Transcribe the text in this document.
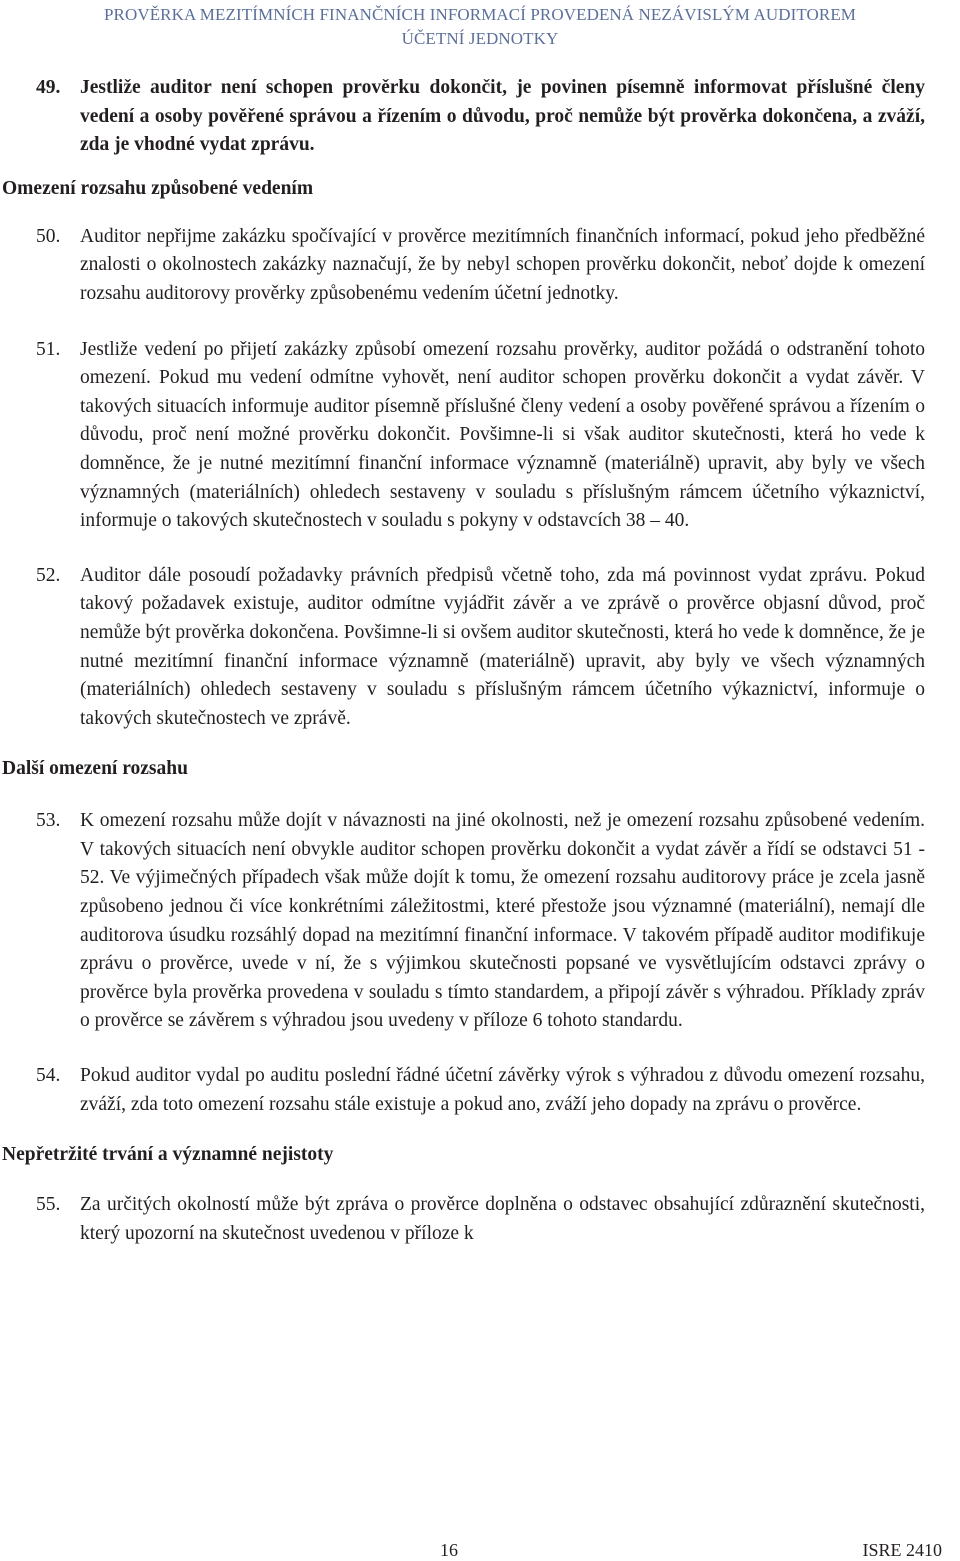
PROVĚRKA MEZITÍMNÍCH FINANČNÍCH INFORMACÍ PROVEDENÁ NEZÁVISLÝM AUDITOREM
ÚČETNÍ JEDNOTKY
49.	Jestliže auditor není schopen prověrku dokončit, je povinen písemně informovat příslušné členy vedení a osoby pověřené správou a řízením o důvodu, proč nemůže být prověrka dokončena, a zváží, zda je vhodné vydat zprávu.
Omezení rozsahu způsobené vedením
50.	Auditor nepřijme zakázku spočívající v prověrce mezitímních finančních informací, pokud jeho předběžné znalosti o okolnostech zakázky naznačují, že by nebyl schopen prověrku dokončit, neboť dojde k omezení rozsahu auditorovy prověrky způsobenému vedením účetní jednotky.
51.	Jestliže vedení po přijetí zakázky způsobí omezení rozsahu prověrky, auditor požádá o odstranění tohoto omezení. Pokud mu vedení odmítne vyhovět, není auditor schopen prověrku dokončit a vydat závěr. V takových situacích informuje auditor písemně příslušné členy vedení a osoby pověřené správou a řízením o důvodu, proč není možné prověrku dokončit. Povšimne-li si však auditor skutečnosti, která ho vede k domněnce, že je nutné mezitímní finanční informace významně (materiálně) upravit, aby byly ve všech významných (materiálních) ohledech sestaveny v souladu s příslušným rámcem účetního výkaznictví, informuje o takových skutečnostech v souladu s pokyny v odstavcích 38 – 40.
52.	Auditor dále posoudí požadavky právních předpisů včetně toho, zda má povinnost vydat zprávu. Pokud takový požadavek existuje, auditor odmítne vyjádřit závěr a ve zprávě o prověrce objasní důvod, proč nemůže být prověrka dokončena. Povšimne-li si ovšem auditor skutečnosti, která ho vede k domněnce, že je nutné mezitímní finanční informace významně (materiálně) upravit, aby byly ve všech významných (materiálních) ohledech sestaveny v souladu s příslušným rámcem účetního výkaznictví, informuje o takových skutečnostech ve zprávě.
Další omezení rozsahu
53.	K omezení rozsahu může dojít v návaznosti na jiné okolnosti, než je omezení rozsahu způsobené vedením. V takových situacích není obvykle auditor schopen prověrku dokončit a vydat závěr a řídí se odstavci 51 - 52. Ve výjimečných případech však může dojít k tomu, že omezení rozsahu auditorovy práce je zcela jasně způsobeno jednou či více konkrétními záležitostmi, které přestože jsou významné (materiální), nemají dle auditorova úsudku rozsáhlý dopad na mezitímní finanční informace. V takovém případě auditor modifikuje zprávu o prověrce, uvede v ní, že s výjimkou skutečnosti popsané ve vysvětlujícím odstavci zprávy o prověrce byla prověrka provedena v souladu s tímto standardem, a připojí závěr s výhradou. Příklady zpráv o prověrce se závěrem s výhradou jsou uvedeny v příloze 6 tohoto standardu.
54.	Pokud auditor vydal po auditu poslední řádné účetní závěrky výrok s výhradou z důvodu omezení rozsahu, zváží, zda toto omezení rozsahu stále existuje a pokud ano, zváží jeho dopady na zprávu o prověrce.
Nepřetržité trvání a významné nejistoty
55.	Za určitých okolností může být zpráva o prověrce doplněna o odstavec obsahující zdůraznění skutečnosti, který upozorní na skutečnost uvedenou v příloze k
16	ISRE 2410
